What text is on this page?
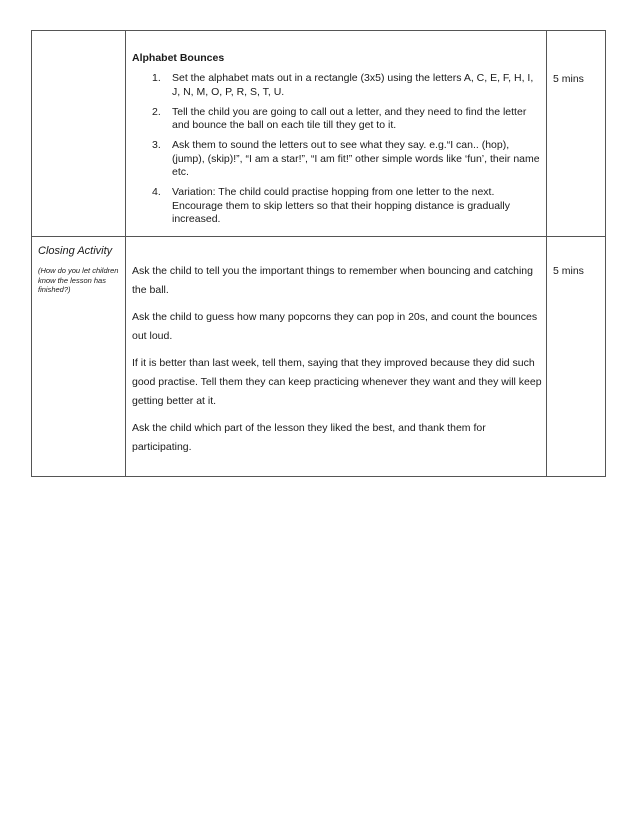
Alphabet Bounces
1. Set the alphabet mats out in a rectangle (3x5) using the letters A, C, E, F, H, I, J, N, M, O, P, R, S, T, U.
2. Tell the child you are going to call out a letter, and they need to find the letter and bounce the ball on each tile till they get to it.
3. Ask them to sound the letters out to see what they say. e.g.“I can.. (hop), (jump), (skip)!”, “I am a star!”, “I am fit!” other simple words like ‘fun’, their name etc.
4. Variation: The child could practise hopping from one letter to the next. Encourage them to skip letters so that their hopping distance is gradually increased.
5 mins
Closing Activity
(How do you let children know the lesson has finished?)

Ask the child to tell you the important things to remember when bouncing and catching the ball.

Ask the child to guess how many popcorns they can pop in 20s, and count the bounces out loud.

If it is better than last week, tell them, saying that they improved because they did such good practise. Tell them they can keep practicing whenever they want and they will keep getting better at it.

Ask the child which part of the lesson they liked the best, and thank them for participating.

5 mins
